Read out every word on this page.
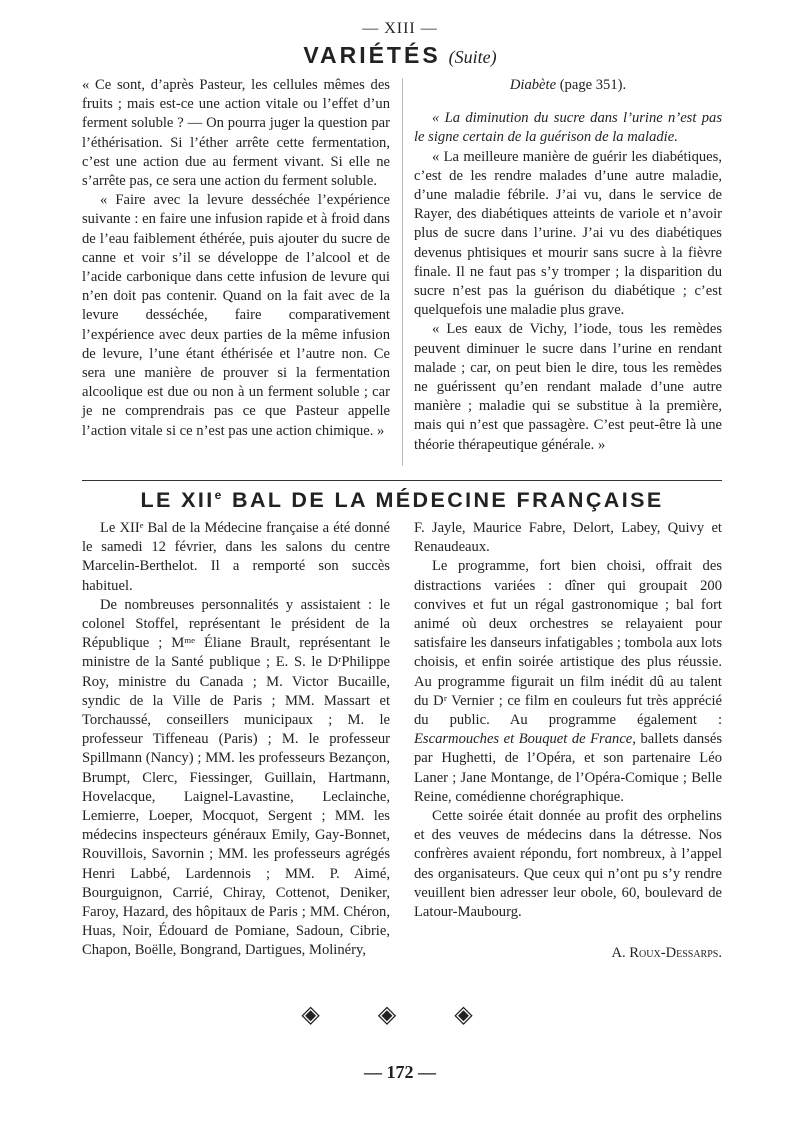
— XIII —
VARIÉTÉS (Suite)

« Ce sont, d’après Pasteur, les cellules mêmes des fruits ; mais est-ce une action vitale ou l’effet d’un ferment soluble ? — On pourra juger la question par l’éthérisation. Si l’éther arrête cette fermentation, c’est une action due au ferment vivant. Si elle ne s’arrête pas, ce sera une action du ferment soluble.

« Faire avec la levure desséchée l’expérience suivante : en faire une infusion rapide et à froid dans de l’eau faiblement éthérée, puis ajouter du sucre de canne et voir s’il se développe de l’alcool et de l’acide carbonique dans cette infusion de levure qui n’en doit pas contenir. Quand on la fait avec de la levure desséchée, faire comparativement l’expérience avec deux parties de la même infusion de levure, l’une étant éthérisée et l’autre non. Ce sera une manière de prouver si la fermentation alcoolique est due ou non à un ferment soluble ; car je ne comprendrais pas ce que Pasteur appelle l’action vitale si ce n’est pas une action chimique. »

Diabète (page 351).

« La diminution du sucre dans l’urine n’est pas le signe certain de la guérison de la maladie.

« La meilleure manière de guérir les diabétiques, c’est de les rendre malades d’une autre maladie, d’une maladie fébrile. J’ai vu, dans le service de Rayer, des diabétiques atteints de variole et n’avoir plus de sucre dans l’urine. J’ai vu des diabétiques devenus phtisiques et mourir sans sucre à la fièvre finale. Il ne faut pas s’y tromper ; la disparition du sucre n’est pas la guérison du diabétique ; c’est quelquefois une maladie plus grave.

« Les eaux de Vichy, l’iode, tous les remèdes peuvent diminuer le sucre dans l’urine en rendant malade ; car, on peut bien le dire, tous les remèdes ne guérissent qu’en rendant malade d’une autre manière ; maladie qui se substitue à la première, mais qui n’est que passagère. C’est peut-être là une théorie thérapeutique générale. »

LE XIIe BAL DE LA MÉDECINE FRANÇAISE

Le XIIᵉ Bal de la Médecine française a été donné le samedi 12 février, dans les salons du centre Marcelin-Berthelot. Il a remporté son succès habituel.

De nombreuses personnalités y assistaient : le colonel Stoffel, représentant le président de la République ; Mᵐᵉ Éliane Brault, représentant le ministre de la Santé publique ; E. S. le DʳPhilippe Roy, ministre du Canada ; M. Victor Bucaille, syndic de la Ville de Paris ; MM. Massart et Torchaussé, conseillers municipaux ; M. le professeur Tiffeneau (Paris) ; M. le professeur Spillmann (Nancy) ; MM. les professeurs Bezançon, Brumpt, Clerc, Fiessinger, Guillain, Hartmann, Hovelacque, Laignel-Lavastine, Leclainche, Lemierre, Loeper, Mocquot, Sergent ; MM. les médecins inspecteurs généraux Emily, Gay-Bonnet, Rouvillois, Savornin ; MM. les professeurs agrégés Henri Labbé, Lardennois ; MM. P. Aimé, Bourguignon, Carrié, Chiray, Cottenot, Deniker, Faroy, Hazard, des hôpitaux de Paris ; MM. Chéron, Huas, Noir, Édouard de Pomiane, Sadoun, Cibrie, Chapon, Boëlle, Bongrand, Dartigues, Molinéry,

F. Jayle, Maurice Fabre, Delort, Labey, Quivy et Renaudeaux.

Le programme, fort bien choisi, offrait des distractions variées : dîner qui groupait 200 convives et fut un régal gastronomique ; bal fort animé où deux orchestres se relayaient pour satisfaire les danseurs infatigables ; tombola aux lots choisis, et enfin soirée artistique des plus réussie. Au programme figurait un film inédit dû au talent du Dʳ Vernier ; ce film en couleurs fut très apprécié du public. Au programme également : Escarmouches et Bouquet de France, ballets dansés par Hughetti, de l’Opéra, et son partenaire Léo Laner ; Jane Montange, de l’Opéra-Comique ; Belle Reine, comédienne chorégraphique.

Cette soirée était donnée au profit des orphelins et des veuves de médecins dans la détresse. Nos confrères avaient répondu, fort nombreux, à l’appel des organisateurs. Que ceux qui n’ont pu s’y rendre veuillent bien adresser leur obole, 60, boulevard de Latour-Maubourg.

A. Roux-Dessarps.
◈ ◈ ◈
— 172 —
